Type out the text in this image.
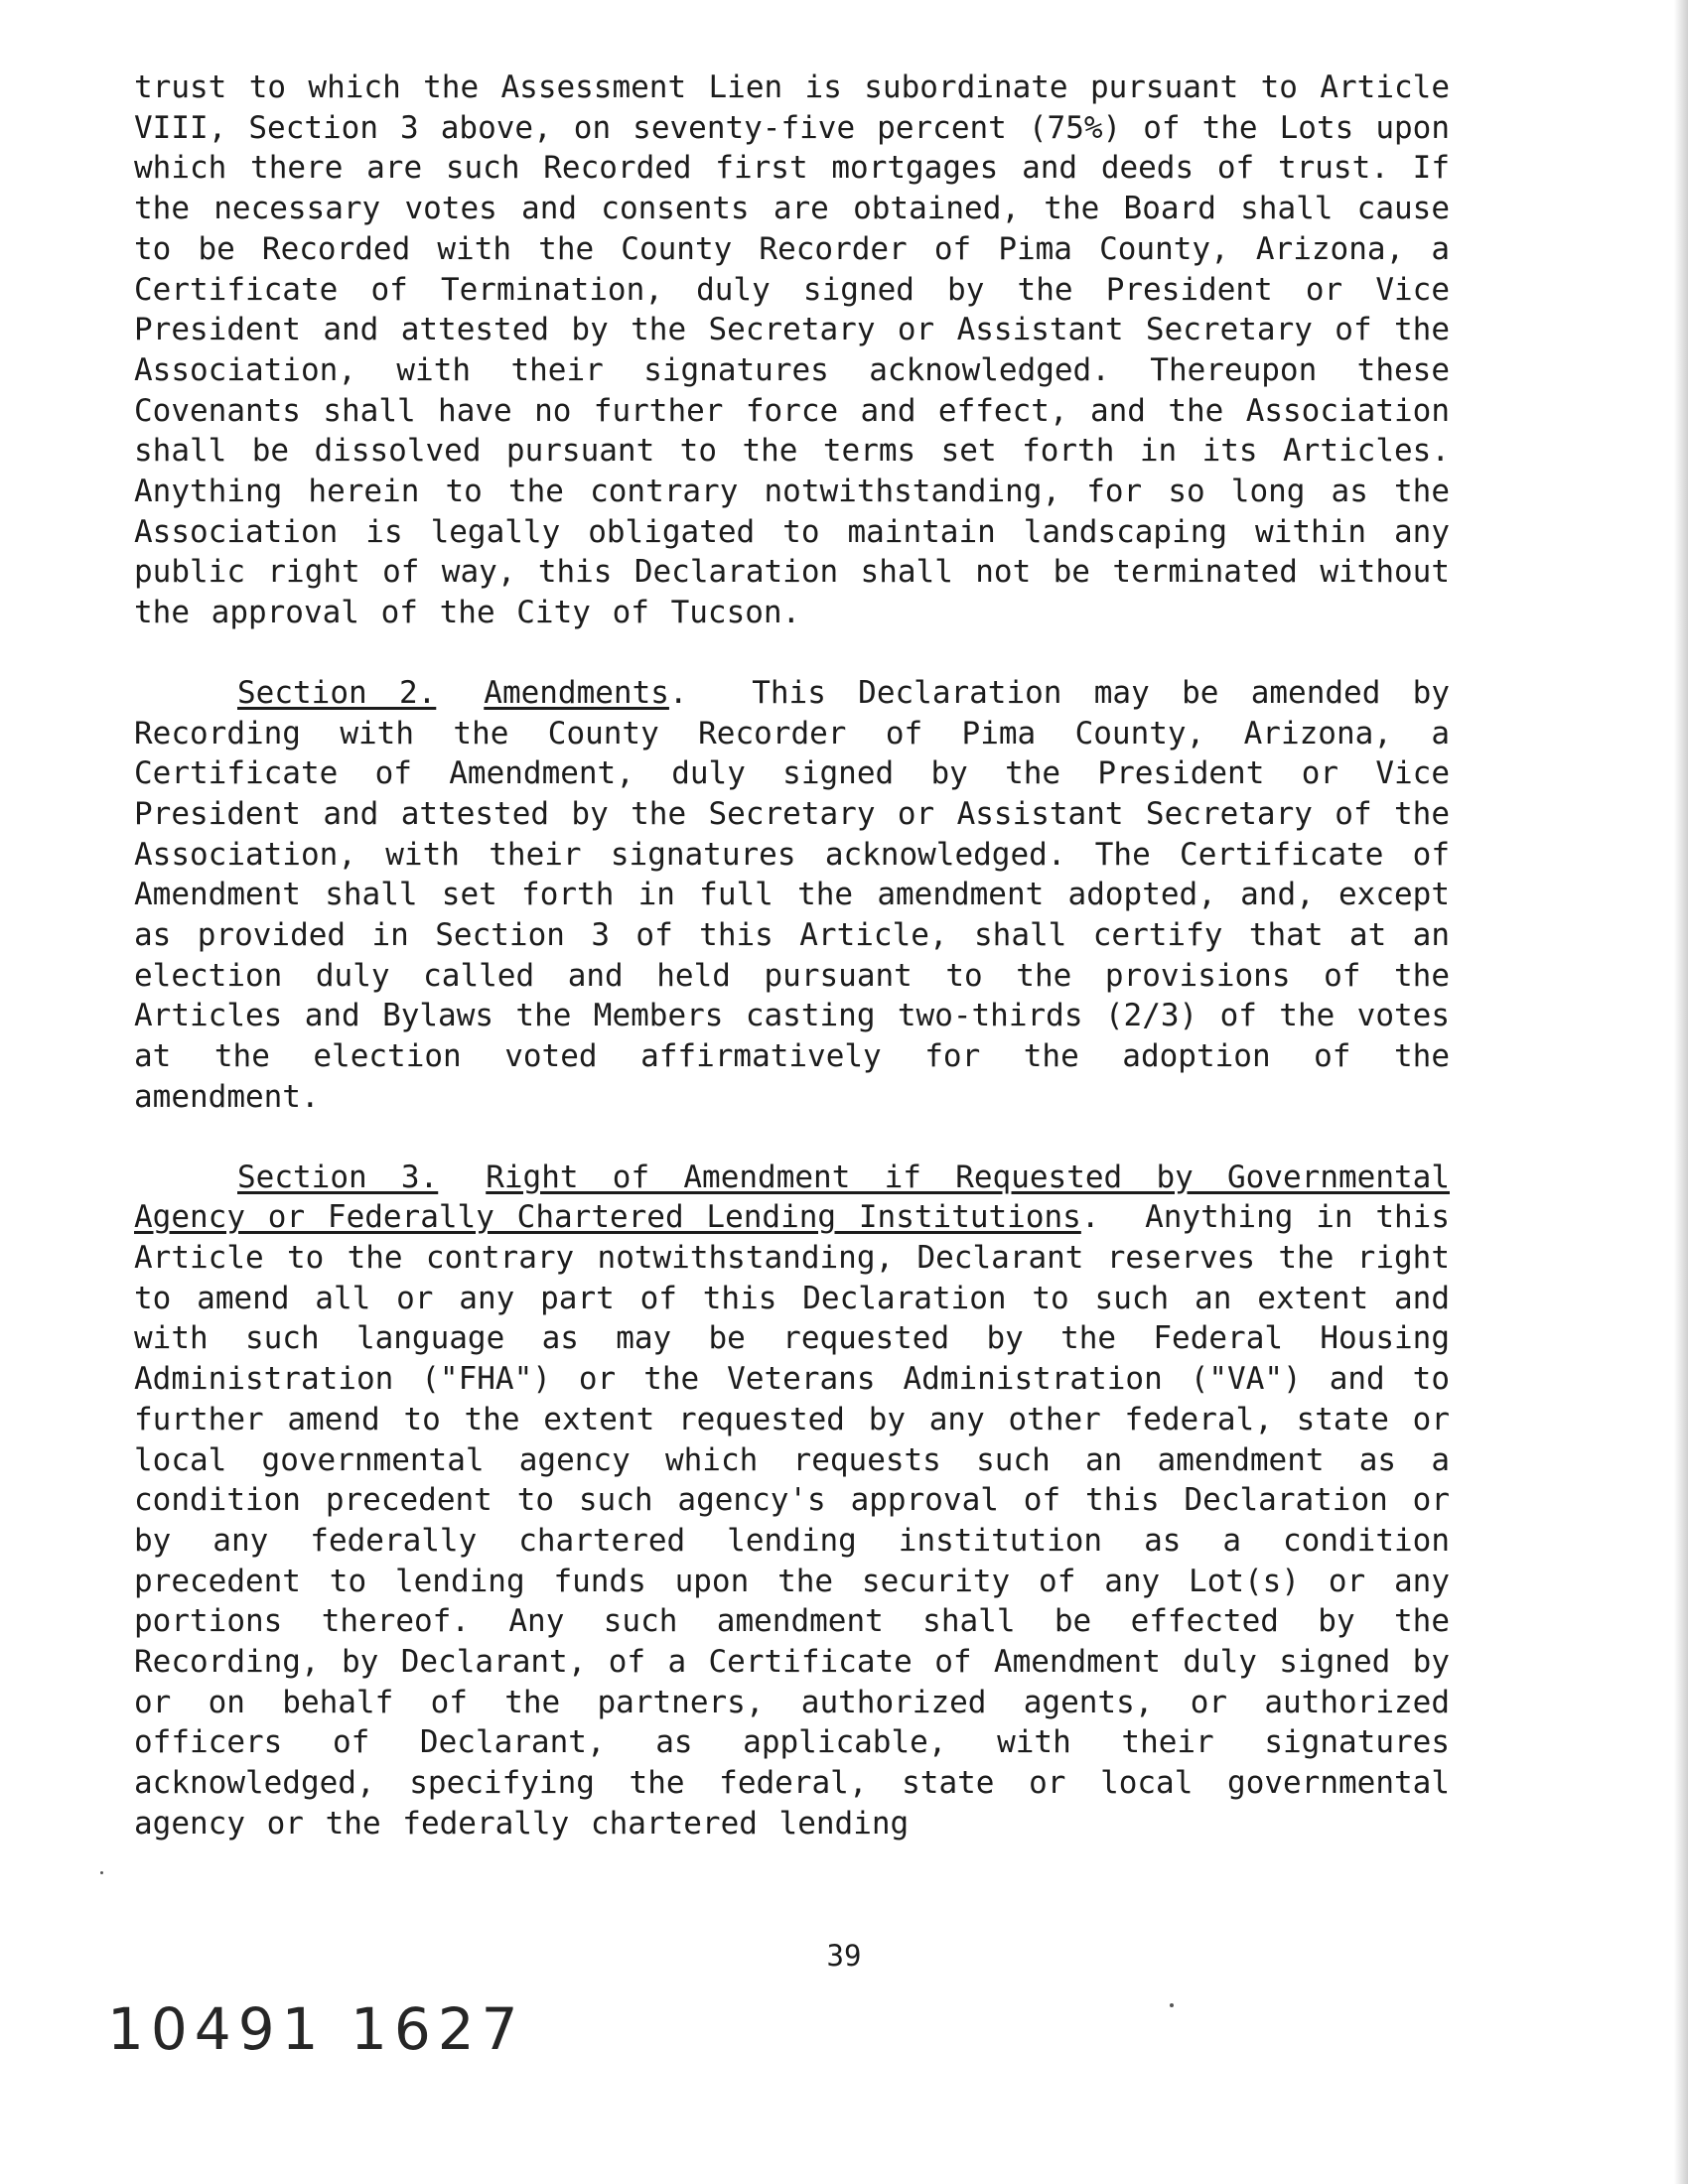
trust to which the Assessment Lien is subordinate pursuant to Article VIII, Section 3 above, on seventy-five percent (75%) of the Lots upon which there are such Recorded first mortgages and deeds of trust. If the necessary votes and consents are obtained, the Board shall cause to be Recorded with the County Recorder of Pima County, Arizona, a Certificate of Termination, duly signed by the President or Vice President and attested by the Secretary or Assistant Secretary of the Association, with their signatures acknowledged. Thereupon these Covenants shall have no further force and effect, and the Association shall be dissolved pursuant to the terms set forth in its Articles. Anything herein to the contrary notwithstanding, for so long as the Association is legally obligated to maintain landscaping within any public right of way, this Declaration shall not be terminated without the approval of the City of Tucson.

Section 2. Amendments.  This Declaration may be amended by Recording with the County Recorder of Pima County, Arizona, a Certificate of Amendment, duly signed by the President or Vice President and attested by the Secretary or Assistant Secretary of the Association, with their signatures acknowledged. The Certificate of Amendment shall set forth in full the amendment adopted, and, except as provided in Section 3 of this Article, shall certify that at an election duly called and held pursuant to the provisions of the Articles and Bylaws the Members casting two-thirds (2/3) of the votes at the election voted affirmatively for the adoption of the amendment.

Section 3. Right of Amendment if Requested by Governmental Agency or Federally Chartered Lending Institutions.  Anything in this Article to the contrary notwithstanding, Declarant reserves the right to amend all or any part of this Declaration to such an extent and with such language as may be requested by the Federal Housing Administration ("FHA") or the Veterans Administration ("VA") and to further amend to the extent requested by any other federal, state or local governmental agency which requests such an amendment as a condition precedent to such agency's approval of this Declaration or by any federally chartered lending institution as a condition precedent to lending funds upon the security of any Lot(s) or any portions thereof. Any such amendment shall be effected by the Recording, by Declarant, of a Certificate of Amendment duly signed by or on behalf of the partners, authorized agents, or authorized officers of Declarant, as applicable, with their signatures acknowledged, specifying the federal, state or local governmental agency or the federally chartered lending

39
10491 1627
